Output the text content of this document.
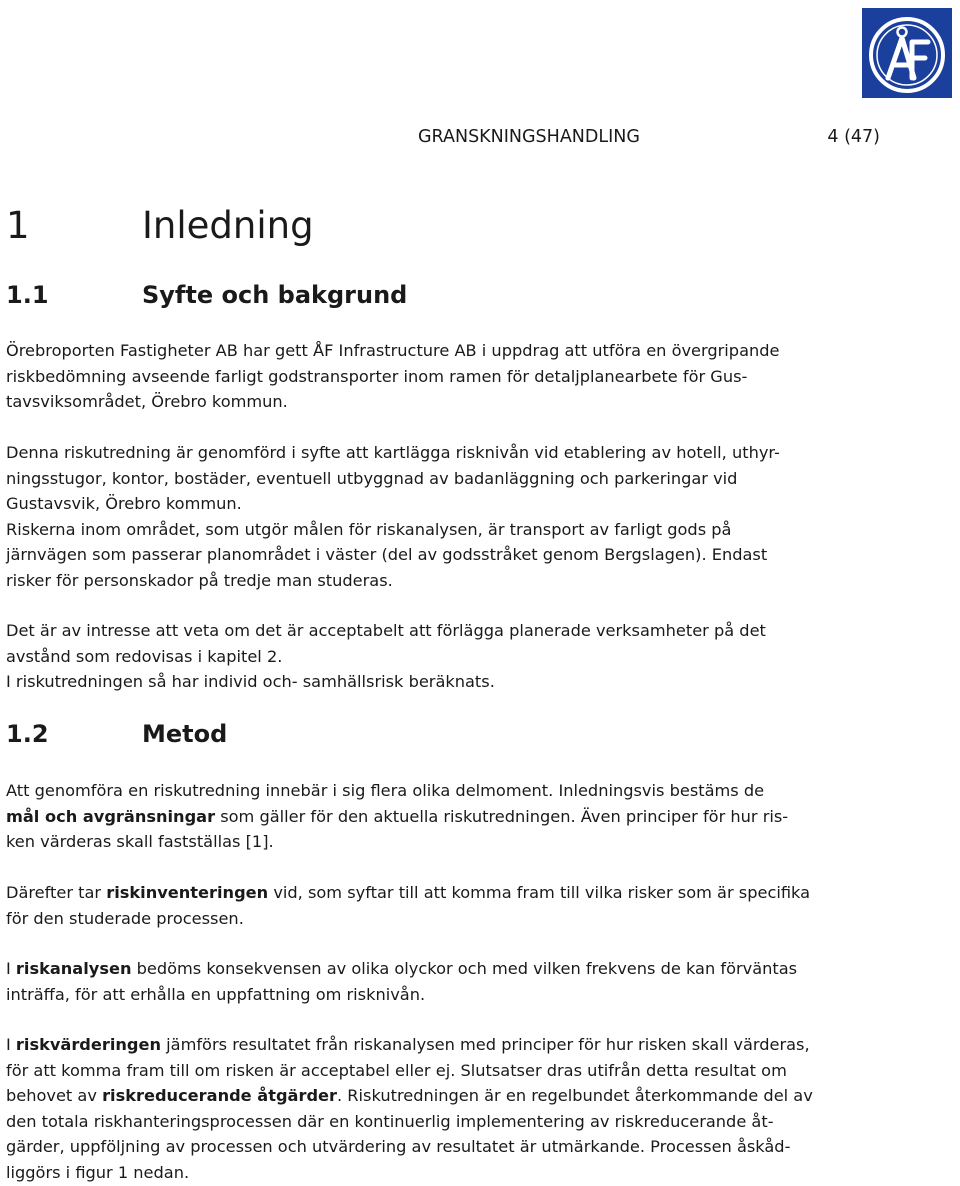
GRANSKNINGSHANDLING	4 (47)
1	Inledning
1.1	Syfte och bakgrund

Örebroporten Fastigheter AB har gett ÅF Infrastructure AB i uppdrag att utföra en övergripande
riskbedömning avseende farligt godstransporter inom ramen för detaljplanearbete för Gus-
tavsviksområdet, Örebro kommun.

Denna riskutredning är genomförd i syfte att kartlägga risknivån vid etablering av hotell, uthyr-
ningsstugor, kontor, bostäder, eventuell utbyggnad av badanläggning och parkeringar vid
Gustavsvik, Örebro kommun.
Riskerna inom området, som utgör målen för riskanalysen, är transport av farligt gods på
järnvägen som passerar planområdet i väster (del av godsstråket genom Bergslagen). Endast
risker för personskador på tredje man studeras.

Det är av intresse att veta om det är acceptabelt att förlägga planerade verksamheter på det
avstånd som redovisas i kapitel 2.
I riskutredningen så har individ och- samhällsrisk beräknats.

1.2	Metod

Att genomföra en riskutredning innebär i sig flera olika delmoment. Inledningsvis bestäms de
mål och avgränsningar som gäller för den aktuella riskutredningen. Även principer för hur ris-
ken värderas skall fastställas [1].

Därefter tar riskinventeringen vid, som syftar till att komma fram till vilka risker som är specifika
för den studerade processen.

I riskanalysen bedöms konsekvensen av olika olyckor och med vilken frekvens de kan förväntas
inträffa, för att erhålla en uppfattning om risknivån.

I riskvärderingen jämförs resultatet från riskanalysen med principer för hur risken skall värderas,
för att komma fram till om risken är acceptabel eller ej. Slutsatser dras utifrån detta resultat om
behovet av riskreducerande åtgärder. Riskutredningen är en regelbundet återkommande del av
den totala riskhanteringsprocessen där en kontinuerlig implementering av riskreducerande åt-
gärder, uppföljning av processen och utvärdering av resultatet är utmärkande. Processen åskåd-
liggörs i figur 1 nedan.
